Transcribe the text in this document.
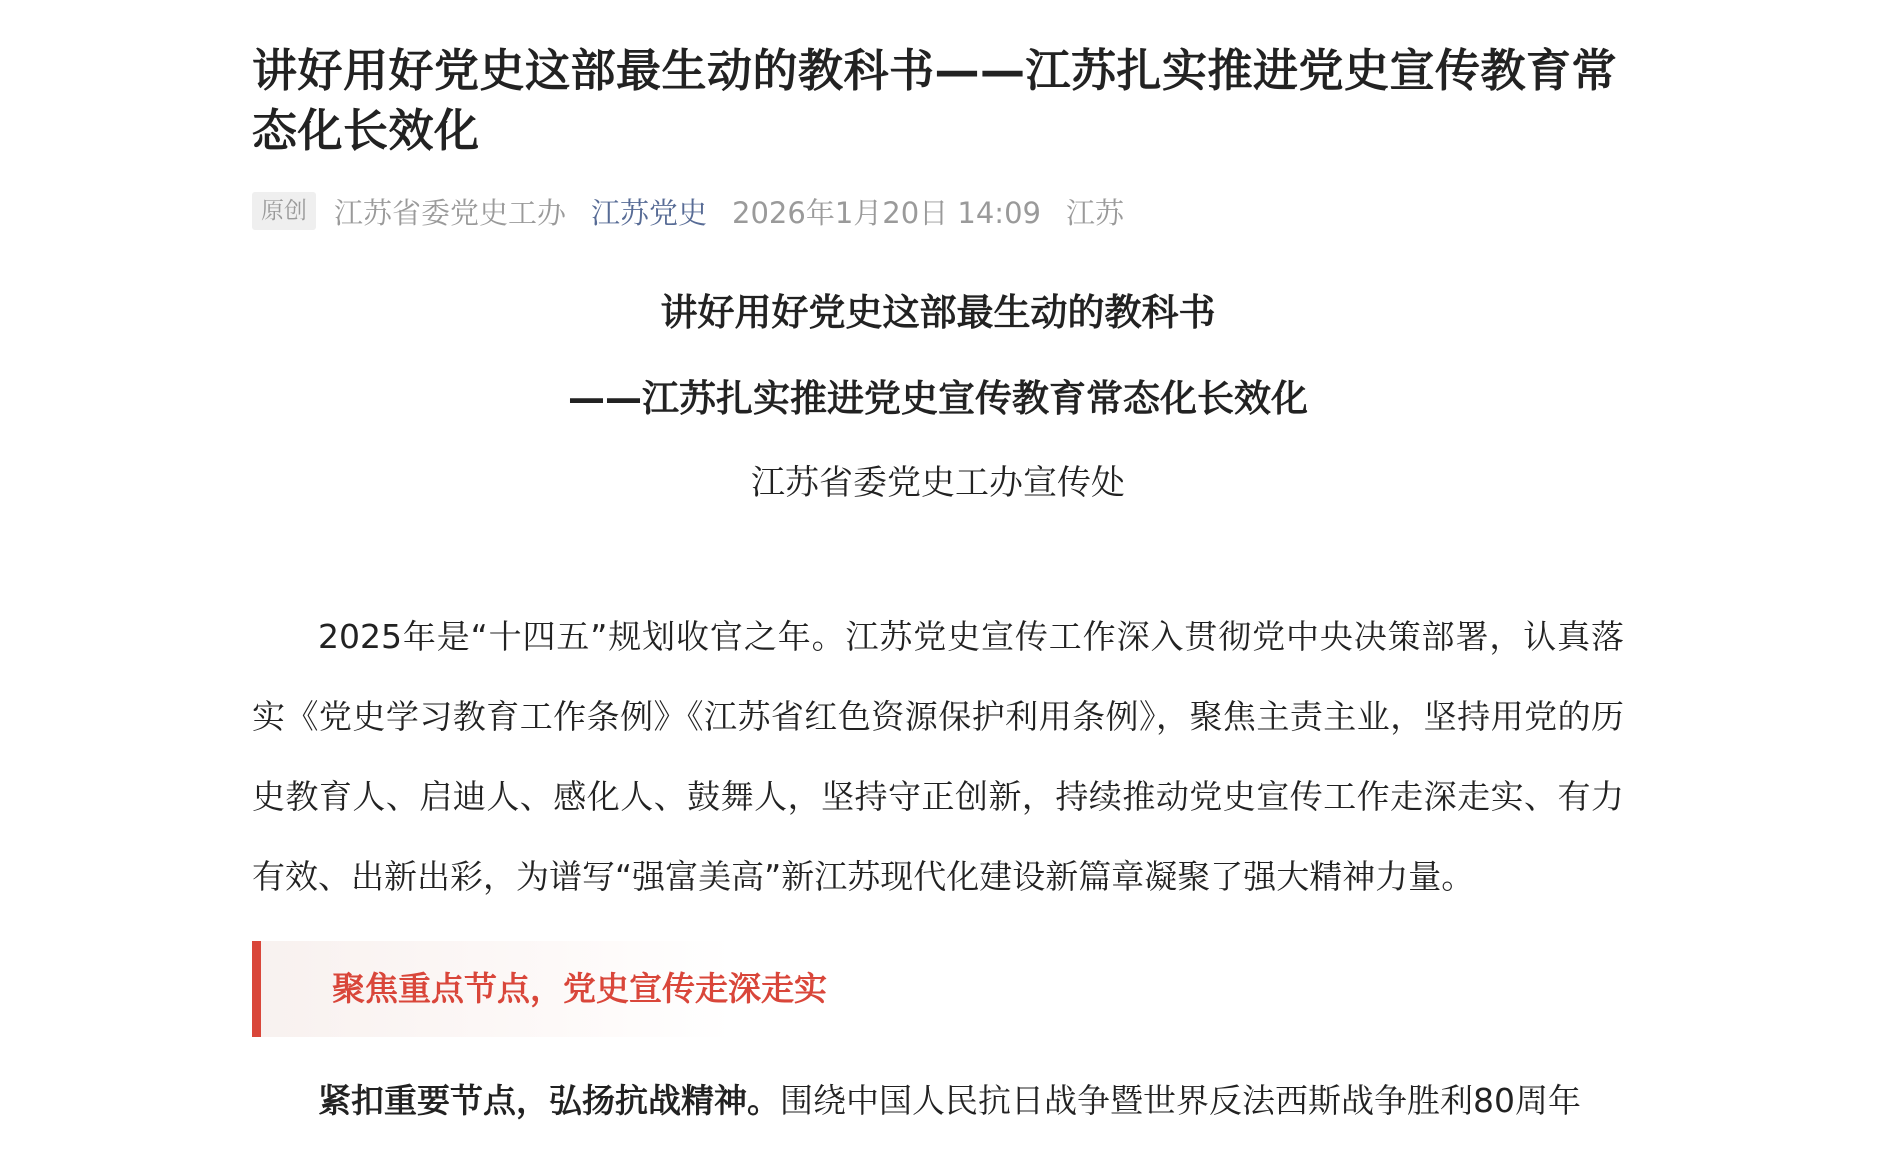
讲好用好党史这部最生动的教科书——江苏扎实推进党史宣传教育常态化长效化
原创 江苏省委党史工办 江苏党史 2026年1月20日 14:09 江苏

讲好用好党史这部最生动的教科书

——江苏扎实推进党史宣传教育常态化长效化

江苏省委党史工办宣传处

2025年是“十四五”规划收官之年。江苏党史宣传工作深入贯彻党中央决策部署，认真落实《党史学习教育工作条例》《江苏省红色资源保护利用条例》，聚焦主责主业，坚持用党的历史教育人、启迪人、感化人、鼓舞人，坚持守正创新，持续推动党史宣传工作走深走实、有力有效、出新出彩，为谱写“强富美高”新江苏现代化建设新篇章凝聚了强大精神力量。

聚焦重点节点，党史宣传走深走实

紧扣重要节点，弘扬抗战精神。围绕中国人民抗日战争暨世界反法西斯战争胜利80周年
